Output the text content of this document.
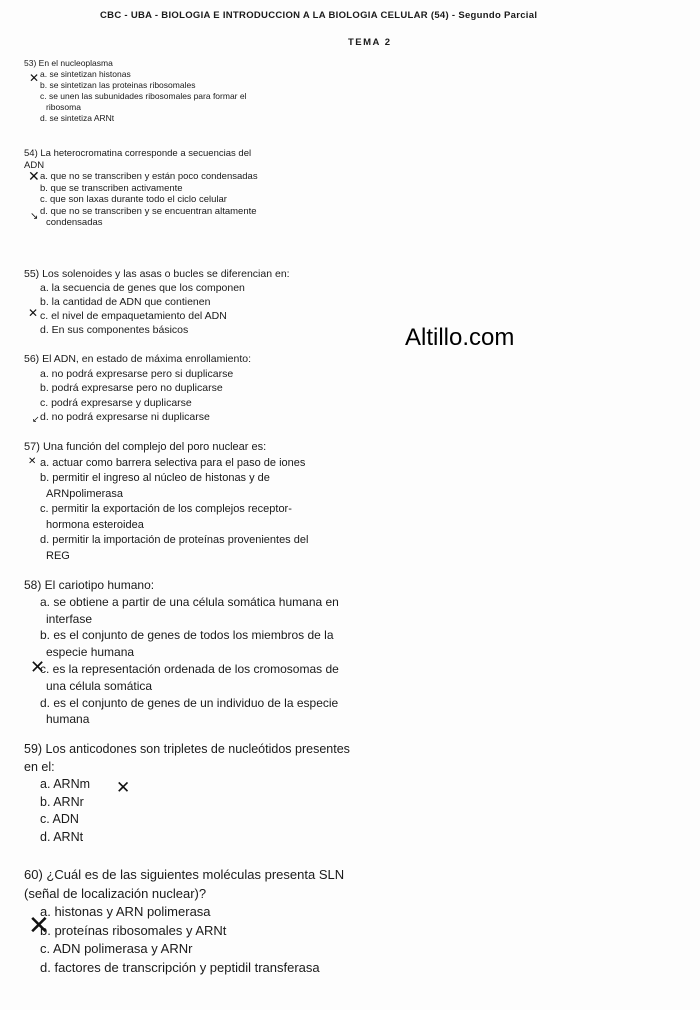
CBC - UBA - BIOLOGIA E INTRODUCCION A LA BIOLOGIA CELULAR (54) - Segundo Parcial
TEMA 2
Altillo.com

53) En el nucleoplasma

a. se sintetizan histonas

b. se sintetizan las proteinas ribosomales

c. se unen las subunidades ribosomales para formar el
ribosoma

d. se sintetiza ARNt

54) La heterocromatina corresponde a secuencias del
ADN

a. que no se transcriben y están poco condensadas

b. que se transcriben activamente

c. que son laxas durante todo el ciclo celular

d. que no se transcriben y se encuentran altamente
condensadas

55) Los solenoides y las asas o bucles se diferencian en:

a. la secuencia de genes que los componen

b. la cantidad de ADN que contienen

c. el nivel de empaquetamiento del ADN

d. En sus componentes básicos

56) El ADN, en estado de máxima enrollamiento:

a. no podrá expresarse pero si duplicarse

b. podrá expresarse pero no duplicarse

c. podrá expresarse y duplicarse

d. no podrá expresarse ni duplicarse

57) Una función del complejo del poro nuclear es:

a. actuar como barrera selectiva para el paso de iones

b. permitir el ingreso al núcleo de histonas y de
ARNpolimerasa

c. permitir la exportación de los complejos receptor-
hormona esteroidea

d. permitir la importación de proteínas provenientes del
REG

58) El cariotipo humano:

a. se obtiene a partir de una célula somática humana en
interfase

b. es el conjunto de genes de todos los miembros de la
especie humana

c. es la representación ordenada de los cromosomas de
una célula somática

d. es el conjunto de genes de un individuo de la especie
humana

59) Los anticodones son tripletes de nucleótidos presentes
en el:

a. ARNm

b. ARNr

c. ADN

d. ARNt

60) ¿Cuál es de las siguientes moléculas presenta SLN
(señal de localización nuclear)?

a. histonas y ARN polimerasa

b. proteínas ribosomales y ARNt

c. ADN polimerasa y ARNr

d. factores de transcripción y peptidil transferasa

✕
✕
↘
✕
↙
✕
✕
✕
✕
